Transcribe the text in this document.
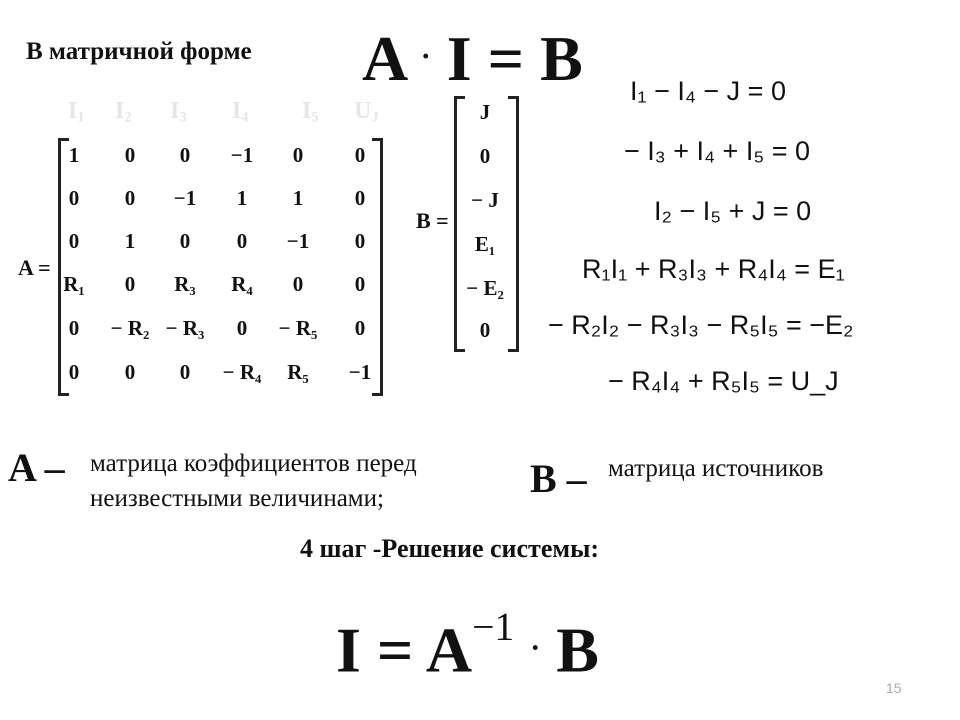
В матричной форме A · I = B
$I_1$ $I_2$ $I_3$ $I_4$ $I_5$ $U_J$
A =
1 0 0 −1 0 0
0 0 −1 1 1 0
0 1 0 0 −1 0
R₁ 0 R₃ R₄ 0 0
0 − R₂ − R₃ 0 − R₅ 0
0 0 0 − R₄ R₅ −1
B =
J
0
− J
E₁
− E₂
0
I₁ − I₄ − J = 0
− I₃ + I₄ + I₅ = 0
I₂ − I₅ + J = 0
R₁I₁ + R₃I₃ + R₄I₄ = E₁
− R₂I₂ − R₃I₃ − R₅I₅ = −E₂
− R₄I₄ + R₅I₅ = U_J
A – матрица коэффициентов перед неизвестными величинами;	B – матрица источников
4 шаг -Решение системы:
$I = A^{-1}$ · B
15
